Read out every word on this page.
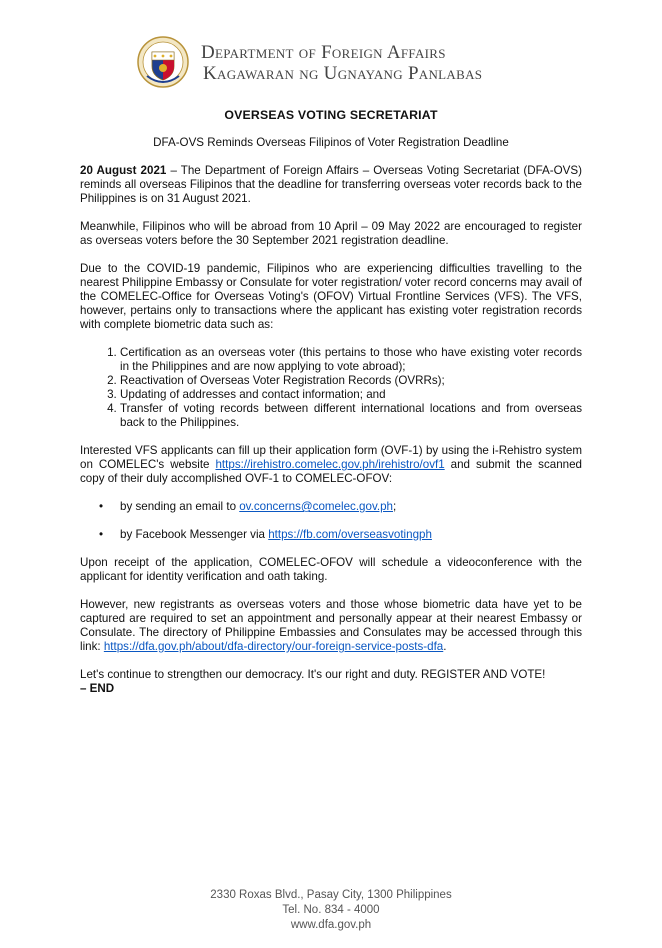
Department of Foreign Affairs
Kagawaran ng Ugnayang Panlabas
OVERSEAS VOTING SECRETARIAT
DFA-OVS Reminds Overseas Filipinos of Voter Registration Deadline

20 August 2021 – The Department of Foreign Affairs – Overseas Voting Secretariat (DFA-OVS) reminds all overseas Filipinos that the deadline for transferring overseas voter records back to the Philippines is on 31 August 2021.

Meanwhile, Filipinos who will be abroad from 10 April – 09 May 2022 are encouraged to register as overseas voters before the 30 September 2021 registration deadline.

Due to the COVID-19 pandemic, Filipinos who are experiencing difficulties travelling to the nearest Philippine Embassy or Consulate for voter registration/ voter record concerns may avail of the COMELEC-Office for Overseas Voting's (OFOV) Virtual Frontline Services (VFS). The VFS, however, pertains only to transactions where the applicant has existing voter registration records with complete biometric data such as:

1. Certification as an overseas voter (this pertains to those who have existing voter records in the Philippines and are now applying to vote abroad);
2. Reactivation of Overseas Voter Registration Records (OVRRs);
3. Updating of addresses and contact information; and
4. Transfer of voting records between different international locations and from overseas back to the Philippines.

Interested VFS applicants can fill up their application form (OVF-1) by using the i-Rehistro system on COMELEC's website https://irehistro.comelec.gov.ph/irehistro/ovf1 and submit the scanned copy of their duly accomplished OVF-1 to COMELEC-OFOV:

• by sending an email to ov.concerns@comelec.gov.ph;
• by Facebook Messenger via https://fb.com/overseasvotingph

Upon receipt of the application, COMELEC-OFOV will schedule a videoconference with the applicant for identity verification and oath taking.

However, new registrants as overseas voters and those whose biometric data have yet to be captured are required to set an appointment and personally appear at their nearest Embassy or Consulate. The directory of Philippine Embassies and Consulates may be accessed through this link: https://dfa.gov.ph/about/dfa-directory/our-foreign-service-posts-dfa.

Let's continue to strengthen our democracy. It's our right and duty. REGISTER AND VOTE!
– END

2330 Roxas Blvd., Pasay City, 1300 Philippines
Tel. No. 834 - 4000
www.dfa.gov.ph
